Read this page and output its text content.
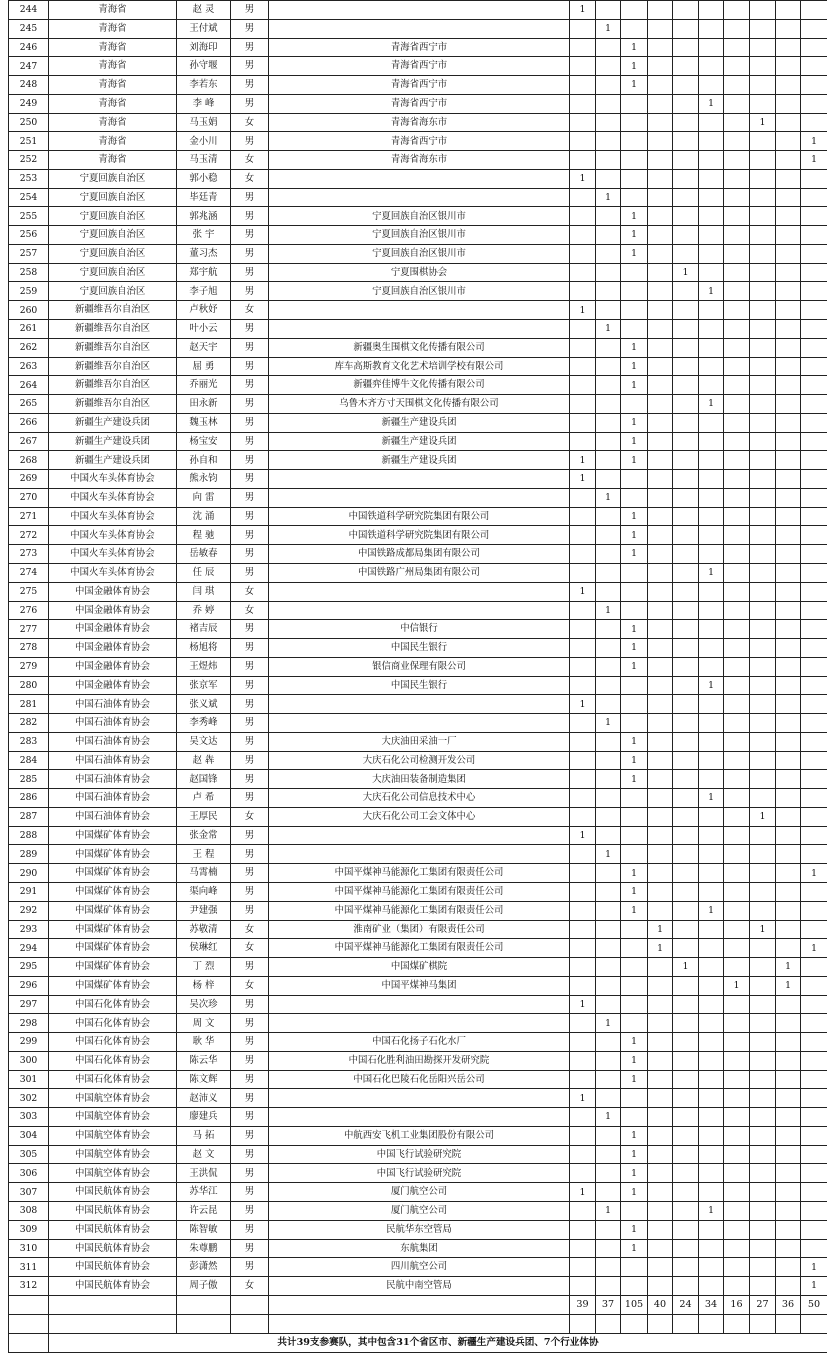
244	青海省	赵 灵	男		1									
245	青海省	王付斌	男			1								
246	青海省	刘海印	男	青海省西宁市			1							
247	青海省	孙守堰	男	青海省西宁市			1							
248	青海省	李若东	男	青海省西宁市			1							
249	青海省	李 峰	男	青海省西宁市						1				
250	青海省	马玉娟	女	青海省海东市								1		
251	青海省	金小川	男	青海省西宁市										1
252	青海省	马玉清	女	青海省海东市										1
253	宁夏回族自治区	郭小稳	女		1									
254	宁夏回族自治区	毕廷青	男			1								
255	宁夏回族自治区	郭兆涵	男	宁夏回族自治区银川市			1							
256	宁夏回族自治区	张 宇	男	宁夏回族自治区银川市			1							
257	宁夏回族自治区	董习杰	男	宁夏回族自治区银川市			1							
258	宁夏回族自治区	郑宇航	男	宁夏围棋协会					1					
259	宁夏回族自治区	李子旭	男	宁夏回族自治区银川市						1				
260	新疆维吾尔自治区	卢秋妤	女		1									
261	新疆维吾尔自治区	叶小云	男			1								
262	新疆维吾尔自治区	赵天宇	男	新疆奥生围棋文化传播有限公司			1							
263	新疆维吾尔自治区	屈 勇	男	库车高斯教育文化艺术培训学校有限公司			1							
264	新疆维吾尔自治区	乔丽光	男	新疆弈佳博牛文化传播有限公司			1							
265	新疆维吾尔自治区	田永新	男	乌鲁木齐方寸天围棋文化传播有限公司						1				
266	新疆生产建设兵团	魏玉林	男	新疆生产建设兵团			1							
267	新疆生产建设兵团	杨宝安	男	新疆生产建设兵团			1							
268	新疆生产建设兵团	孙自和	男	新疆生产建设兵团	1		1							
269	中国火车头体育协会	熊永钧	男		1									
270	中国火车头体育协会	向 雷	男			1								
271	中国火车头体育协会	沈 涌	男	中国铁道科学研究院集团有限公司			1							
272	中国火车头体育协会	程 驰	男	中国铁道科学研究院集团有限公司			1							
273	中国火车头体育协会	岳敏春	男	中国铁路成都局集团有限公司			1							
274	中国火车头体育协会	任 辰	男	中国铁路广州局集团有限公司						1				
275	中国金融体育协会	闫 琪	女		1									
276	中国金融体育协会	乔 婷	女			1								
277	中国金融体育协会	褚吉辰	男	中信银行			1							
278	中国金融体育协会	杨旭将	男	中国民生银行			1							
279	中国金融体育协会	王煜炜	男	银信商业保理有限公司			1							
280	中国金融体育协会	张京军	男	中国民生银行						1				
281	中国石油体育协会	张义斌	男		1									
282	中国石油体育协会	李秀峰	男			1								
283	中国石油体育协会	吴文达	男	大庆油田采油一厂			1							
284	中国石油体育协会	赵 犇	男	大庆石化公司检测开发公司			1							
285	中国石油体育协会	赵国锋	男	大庆油田装备制造集团			1							
286	中国石油体育协会	卢 希	男	大庆石化公司信息技术中心						1				
287	中国石油体育协会	王厚民	女	大庆石化公司工会文体中心								1		
288	中国煤矿体育协会	张金常	男		1									
289	中国煤矿体育协会	王 程	男			1								
290	中国煤矿体育协会	马霄楠	男	中国平煤神马能源化工集团有限责任公司			1							1
291	中国煤矿体育协会	渠向峰	男	中国平煤神马能源化工集团有限责任公司			1							
292	中国煤矿体育协会	尹建强	男	中国平煤神马能源化工集团有限责任公司			1			1				
293	中国煤矿体育协会	苏敬清	女	淮南矿业（集团）有限责任公司				1				1		
294	中国煤矿体育协会	侯琳红	女	中国平煤神马能源化工集团有限责任公司				1						1
295	中国煤矿体育协会	丁 烈	男	中国煤矿棋院					1				1	
296	中国煤矿体育协会	杨 梓	女	中国平煤神马集团							1		1	
297	中国石化体育协会	吴次珍	男		1									
298	中国石化体育协会	周 文	男			1								
299	中国石化体育协会	耿 华	男	中国石化扬子石化水厂			1							
300	中国石化体育协会	陈云华	男	中国石化胜利油田勘探开发研究院			1							
301	中国石化体育协会	陈文辉	男	中国石化巴陵石化岳阳兴岳公司			1							
302	中国航空体育协会	赵沛义	男		1									
303	中国航空体育协会	廖建兵	男			1								
304	中国航空体育协会	马 拓	男	中航西安飞机工业集团股份有限公司			1							
305	中国航空体育协会	赵 文	男	中国飞行试验研究院			1							
306	中国航空体育协会	王洪侃	男	中国飞行试验研究院			1							
307	中国民航体育协会	苏华江	男	厦门航空公司	1		1							
308	中国民航体育协会	许云昆	男	厦门航空公司		1				1				
309	中国民航体育协会	陈智敏	男	民航华东空管局			1							
310	中国民航体育协会	朱尊鹏	男	东航集团			1							
311	中国民航体育协会	彭潇然	男	四川航空公司										1
312	中国民航体育协会	周子傲	女	民航中南空管局										1
					39	37	105	40	24	34	16	27	36	50

	共计39支参赛队，其中包含31个省区市、新疆生产建设兵团、7个行业体协													
